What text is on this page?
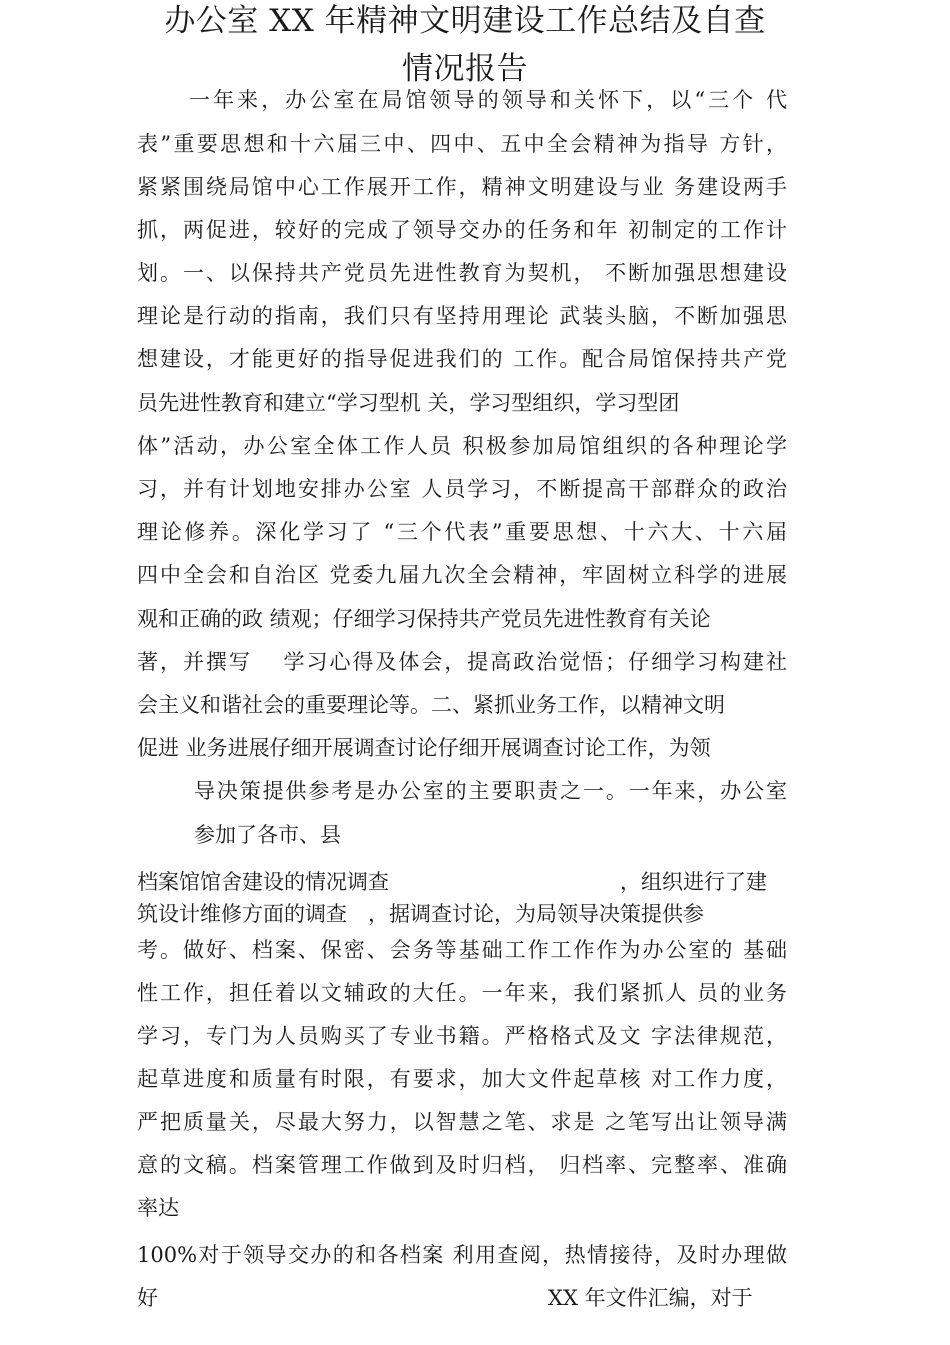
办公室 XX 年精神文明建设工作总结及自查
情况报告
一年来，办公室在局馆领导的领导和关怀下，以“三个 代
表”重要思想和十六届三中、四中、五中全会精神为指导 方针，
紧紧围绕局馆中心工作展开工作，精神文明建设与业 务建设两手
抓，两促进，较好的完成了领导交办的任务和年 初制定的工作计
划。一、以保持共产党员先进性教育为契机， 不断加强思想建设
理论是行动的指南，我们只有坚持用理论 武装头脑，不断加强思
想建设，才能更好的指导促进我们的 工作。配合局馆保持共产党
员先进性教育和建立“学习型机 关，学习型组织，学习型团
体”活动，办公室全体工作人员 积极参加局馆组织的各种理论学
习，并有计划地安排办公室 人员学习，不断提高干部群众的政治
理论修养。深化学习了 “三个代表”重要思想、十六大、十六届
四中全会和自治区 党委九届九次全会精神，牢固树立科学的进展
观和正确的政 绩观；仔细学习保持共产党员先进性教育有关论
著，并撰写 　学习心得及体会，提高政治觉悟；仔细学习构建社
会主义和谐社会的重要理论等。二、紧抓业务工作，以精神文明
促进 业务进展仔细开展调查讨论仔细开展调查讨论工作，为领
导决策提供参考是办公室的主要职责之一。一年来，办公室
参加了各市、县
档案馆馆舍建设的情况调查	，组织进行了建
筑设计维修方面的调查　，据调查讨论，为局领导决策提供参
考。做好、档案、保密、会务等基础工作工作作为办公室的 基础
性工作，担任着以文辅政的大任。一年来，我们紧抓人 员的业务
学习，专门为人员购买了专业书籍。严格格式及文 字法律规范，
起草进度和质量有时限，有要求，加大文件起草核 对工作力度，
严把质量关，尽最大努力，以智慧之笔、求是 之笔写出让领导满
意的文稿。档案管理工作做到及时归档， 归档率、完整率、准确
率达
100%对于领导交办的和各档案 利用查阅，热情接待，及时办理做
好	XX 年文件汇编，对于
